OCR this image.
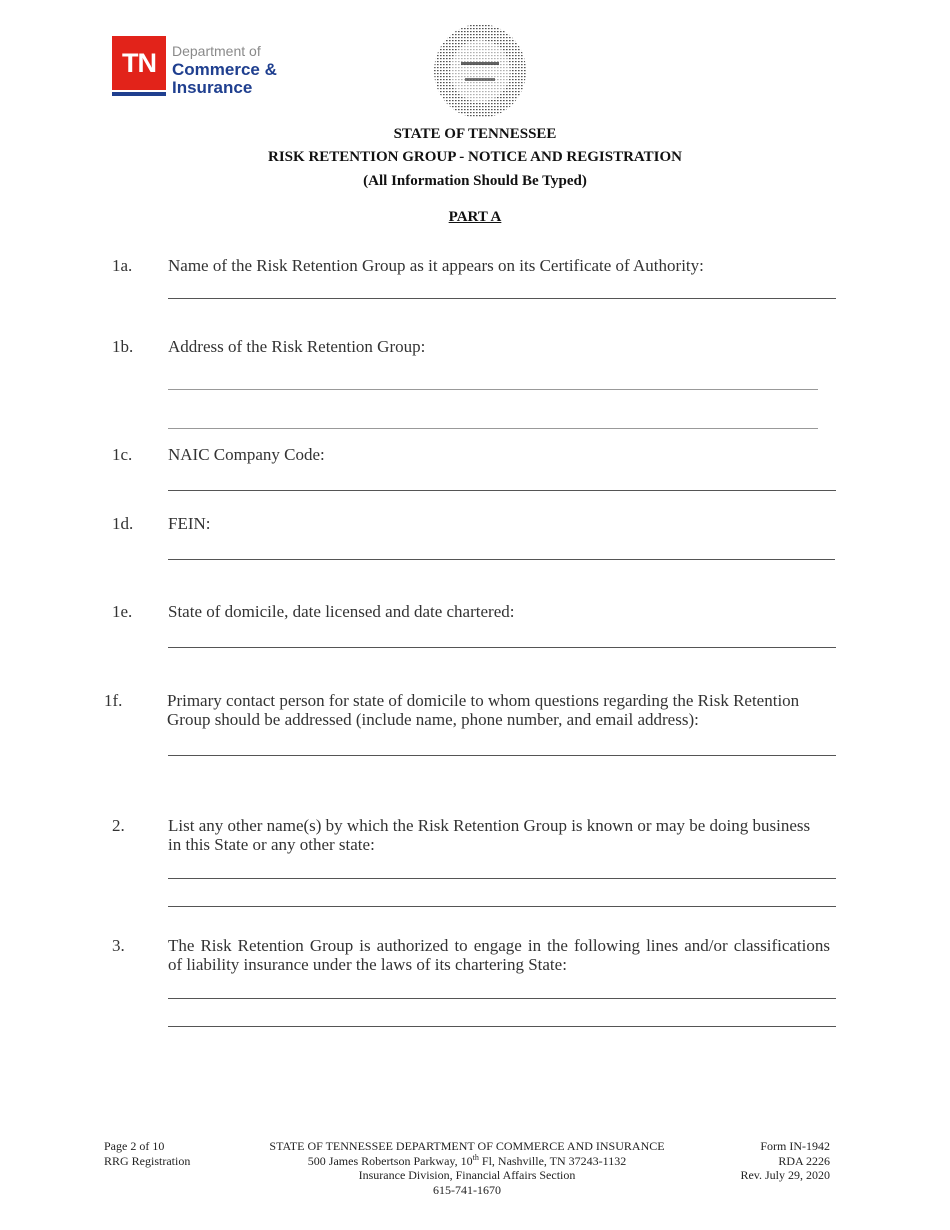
TN	Department of
Commerce &
Insurance
STATE OF TENNESSEE
RISK RETENTION GROUP - NOTICE AND REGISTRATION
(All Information Should Be Typed)
PART A
1a. Name of the Risk Retention Group as it appears on its Certificate of Authority:
1b. Address of the Risk Retention Group:
1c. NAIC Company Code:
1d. FEIN:
1e. State of domicile, date licensed and date chartered:
1f.	Primary contact person for state of domicile to whom questions regarding the Risk Retention
Group should be addressed (include name, phone number, and email address):
2.	List any other name(s) by which the Risk Retention Group is known or may be doing business
in this State or any other state:
3.	The Risk Retention Group is authorized to engage in the following lines and/or classifications
of liability insurance under the laws of its chartering State:
Page 2 of 10
RRG Registration
STATE OF TENNESSEE DEPARTMENT OF COMMERCE AND INSURANCE
500 James Robertson Parkway, 10th Fl, Nashville, TN 37243-1132
Insurance Division, Financial Affairs Section
615-741-1670
Form IN-1942
RDA 2226
Rev. July 29, 2020
